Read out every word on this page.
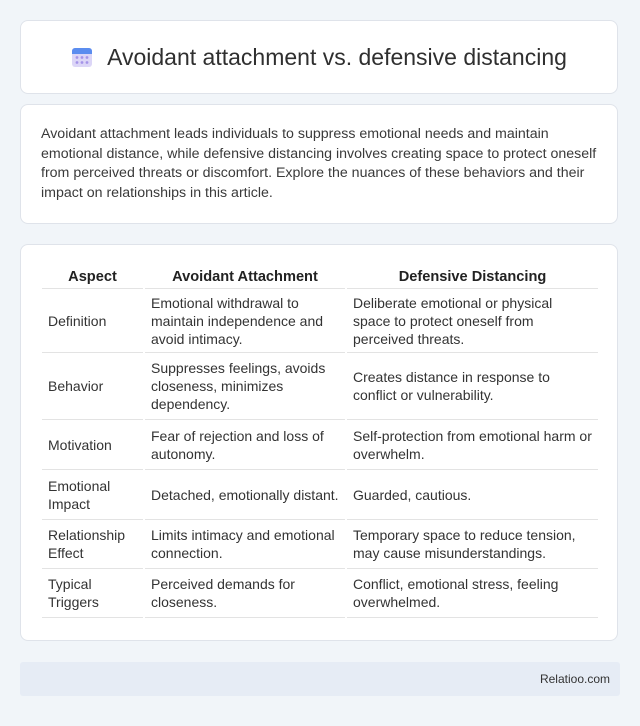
Avoidant attachment vs. defensive distancing

Avoidant attachment leads individuals to suppress emotional needs and maintain emotional distance, while defensive distancing involves creating space to protect oneself from perceived threats or discomfort. Explore the nuances of these behaviors and their impact on relationships in this article.

Aspect	Avoidant Attachment	Defensive Distancing
Definition	Emotional withdrawal to maintain independence and avoid intimacy.	Deliberate emotional or physical space to protect oneself from perceived threats.
Behavior	Suppresses feelings, avoids closeness, minimizes dependency.	Creates distance in response to conflict or vulnerability.
Motivation	Fear of rejection and loss of autonomy.	Self-protection from emotional harm or overwhelm.
Emotional Impact	Detached, emotionally distant.	Guarded, cautious.
Relationship Effect	Limits intimacy and emotional connection.	Temporary space to reduce tension, may cause misunderstandings.
Typical Triggers	Perceived demands for closeness.	Conflict, emotional stress, feeling overwhelmed.
Relatioo.com
